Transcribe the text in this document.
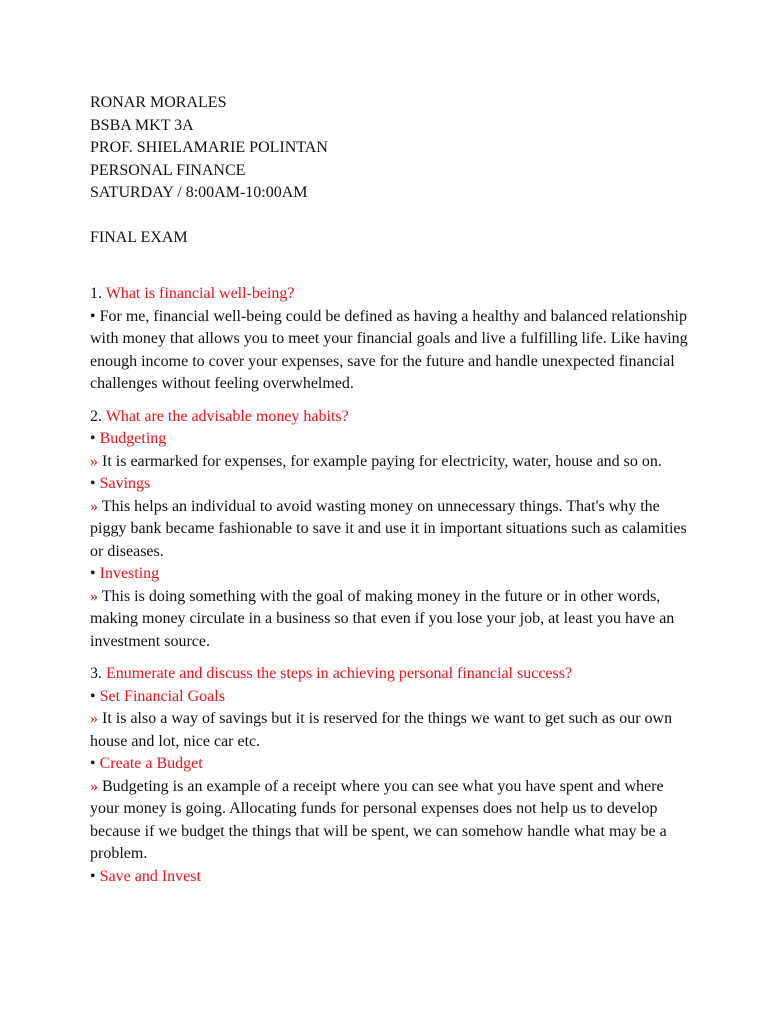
RONAR MORALES
BSBA MKT 3A
PROF. SHIELAMARIE POLINTAN
PERSONAL FINANCE
SATURDAY / 8:00AM-10:00AM
FINAL EXAM
1. What is financial well-being?
• For me, financial well-being could be defined as having a healthy and balanced relationship with money that allows you to meet your financial goals and live a fulfilling life. Like having enough income to cover your expenses, save for the future and handle unexpected financial challenges without feeling overwhelmed.
2. What are the advisable money habits?
• Budgeting
» It is earmarked for expenses, for example paying for electricity, water, house and so on.
• Savings
» This helps an individual to avoid wasting money on unnecessary things. That's why the piggy bank became fashionable to save it and use it in important situations such as calamities or diseases.
• Investing
» This is doing something with the goal of making money in the future or in other words, making money circulate in a business so that even if you lose your job, at least you have an investment source.
3. Enumerate and discuss the steps in achieving personal financial success?
• Set Financial Goals
» It is also a way of savings but it is reserved for the things we want to get such as our own house and lot, nice car etc.
• Create a Budget
» Budgeting is an example of a receipt where you can see what you have spent and where your money is going. Allocating funds for personal expenses does not help us to develop because if we budget the things that will be spent, we can somehow handle what may be a problem.
• Save and Invest
